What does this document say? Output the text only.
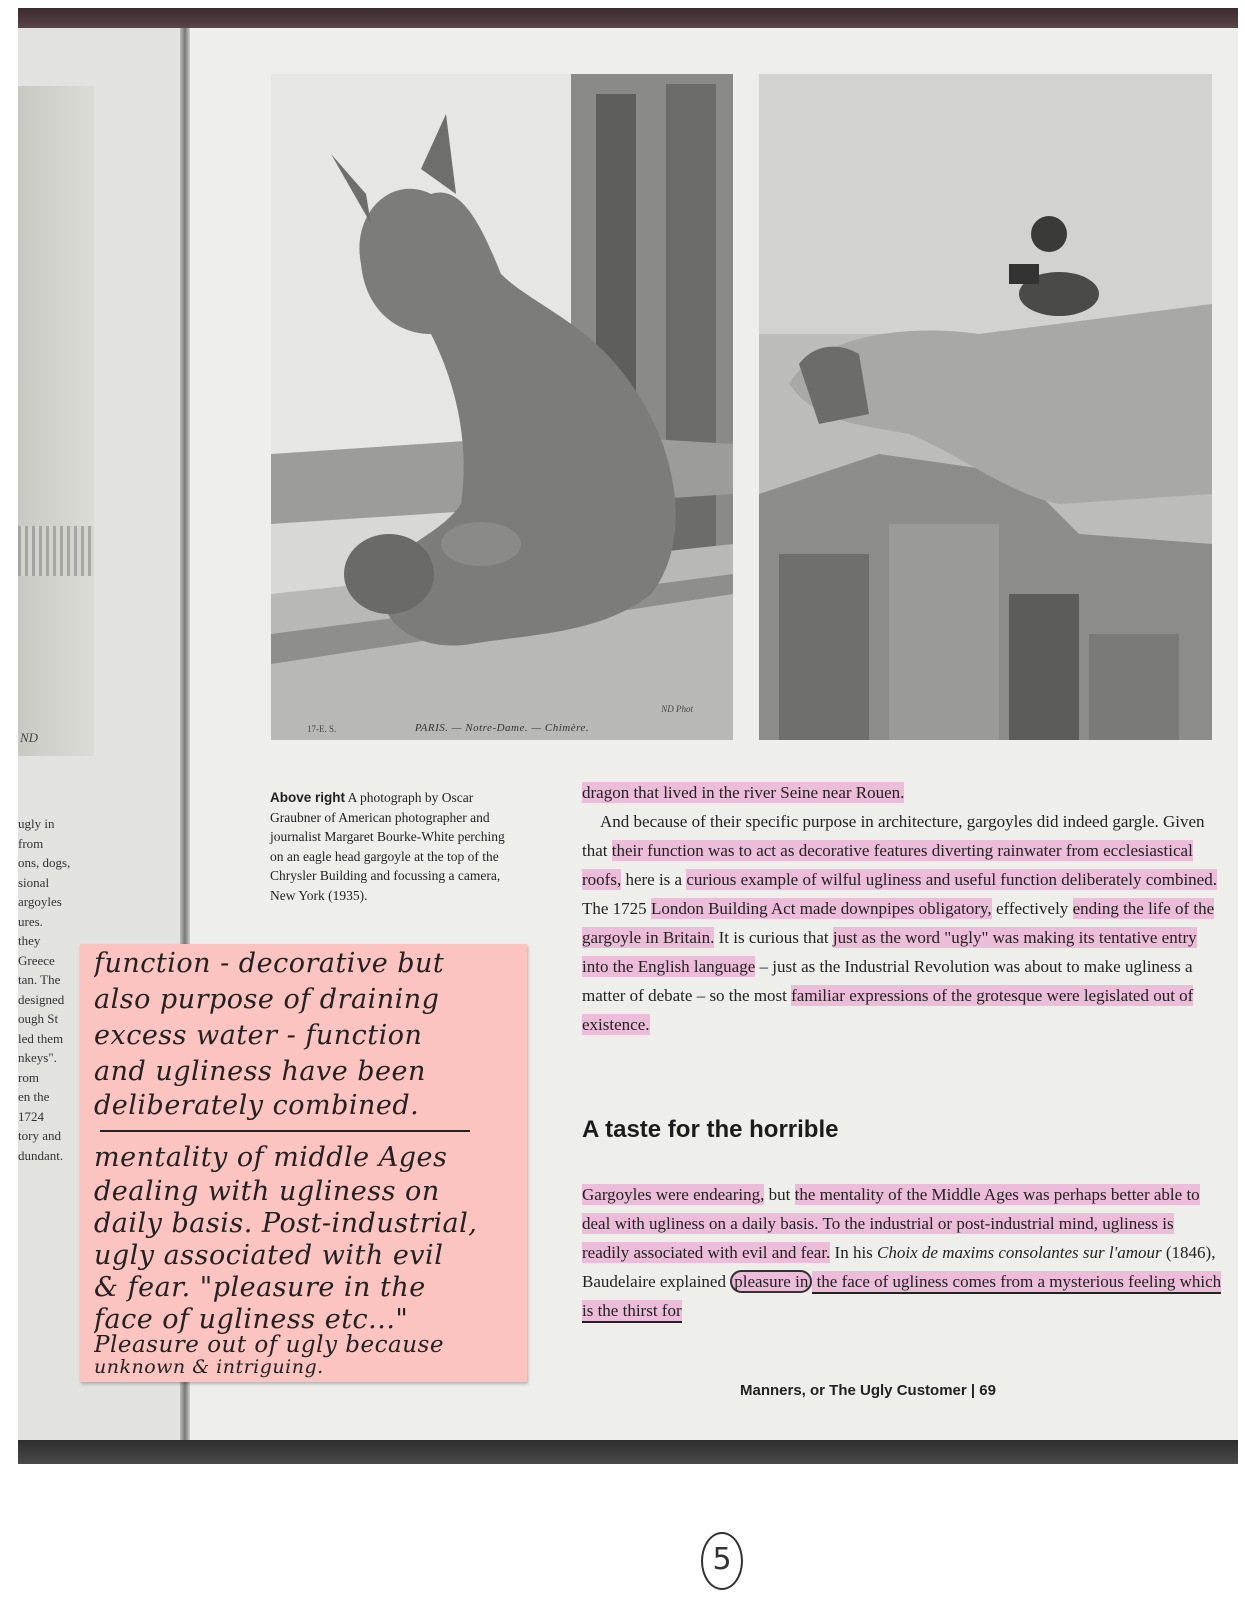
ND
ugly in
from
ons, dogs,
sional
argoyles
ures.
they
Greece
tan. The
designed
ough St
led them
nkeys".
rom
en the
1724
tory and
dundant.
17-E. S.	PARIS. — Notre-Dame. — Chimère.
ND Phot
Above right A photograph by Oscar Graubner of American photographer and journalist Margaret Bourke-White perching on an eagle head gargoyle at the top of the Chrysler Building and focussing a camera, New York (1935).

dragon that lived in the river Seine near Rouen.

And because of their specific purpose in architecture, gargoyles did indeed gargle. Given that their function was to act as decorative features diverting rainwater from ecclesiastical roofs, here is a curious example of wilful ugliness and useful function deliberately combined. The 1725 London Building Act made downpipes obligatory, effectively ending the life of the gargoyle in Britain. It is curious that just as the word "ugly" was making its tentative entry into the English language – just as the Industrial Revolution was about to make ugliness a matter of debate – so the most familiar expressions of the grotesque were legislated out of existence.

A taste for the horrible

Gargoyles were endearing, but the mentality of the Middle Ages was perhaps better able to deal with ugliness on a daily basis. To the industrial or post-industrial mind, ugliness is readily associated with evil and fear. In his Choix de maxims consolantes sur l'amour (1846), Baudelaire explained pleasure in the face of ugliness comes from a mysterious feeling which is the thirst for

Manners, or The Ugly Customer | 69
function - decorative but
also purpose of draining
excess water - function
and ugliness have been
deliberately combined.
mentality of middle Ages
dealing with ugliness on
daily basis. Post-industrial,
ugly associated with evil
& fear. "pleasure in the
face of ugliness etc..."
Pleasure out of ugly because
unknown & intriguing.
5
